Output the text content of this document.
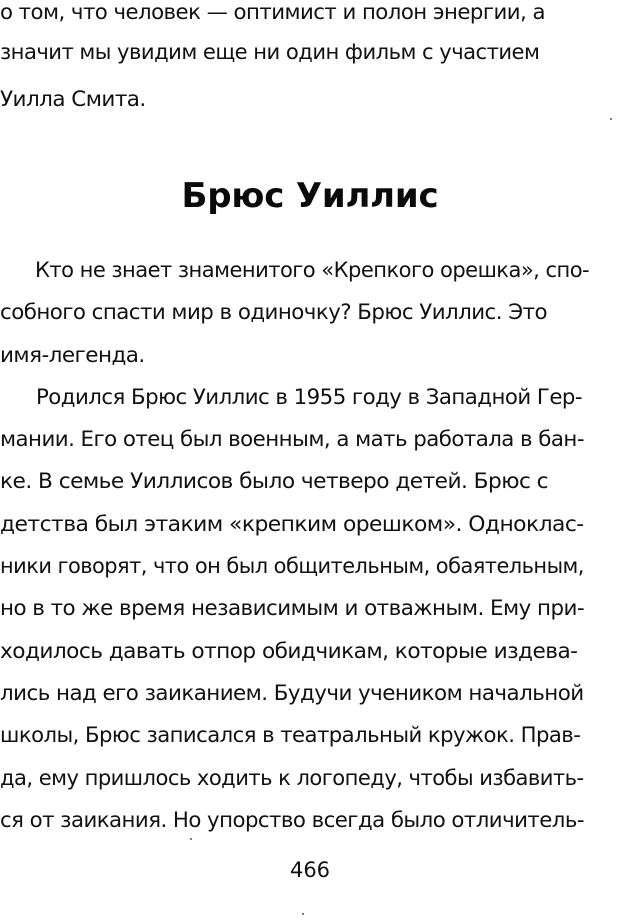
о том, что человек — оптимист и полон энергии, а
значит мы увидим еще ни один фильм с участием
Уилла Смита.
Брюс Уиллис
Кто не знает знаменитого «Крепкого орешка», спо-
собного спасти мир в одиночку? Брюс Уиллис. Это
имя-легенда.
Родился Брюс Уиллис в 1955 году в Западной Гер-
мании. Его отец был военным, а мать работала в бан-
ке. В семье Уиллисов было четверо детей. Брюс с
детства был этаким «крепким орешком». Одноклас-
ники говорят, что он был общительным, обаятельным,
но в то же время независимым и отважным. Ему при-
ходилось давать отпор обидчикам, которые издева-
лись над его заиканием. Будучи учеником начальной
школы, Брюс записался в театральный кружок. Прав-
да, ему пришлось ходить к логопеду, чтобы избавить-
ся от заикания. Но упорство всегда было отличитель-
466
